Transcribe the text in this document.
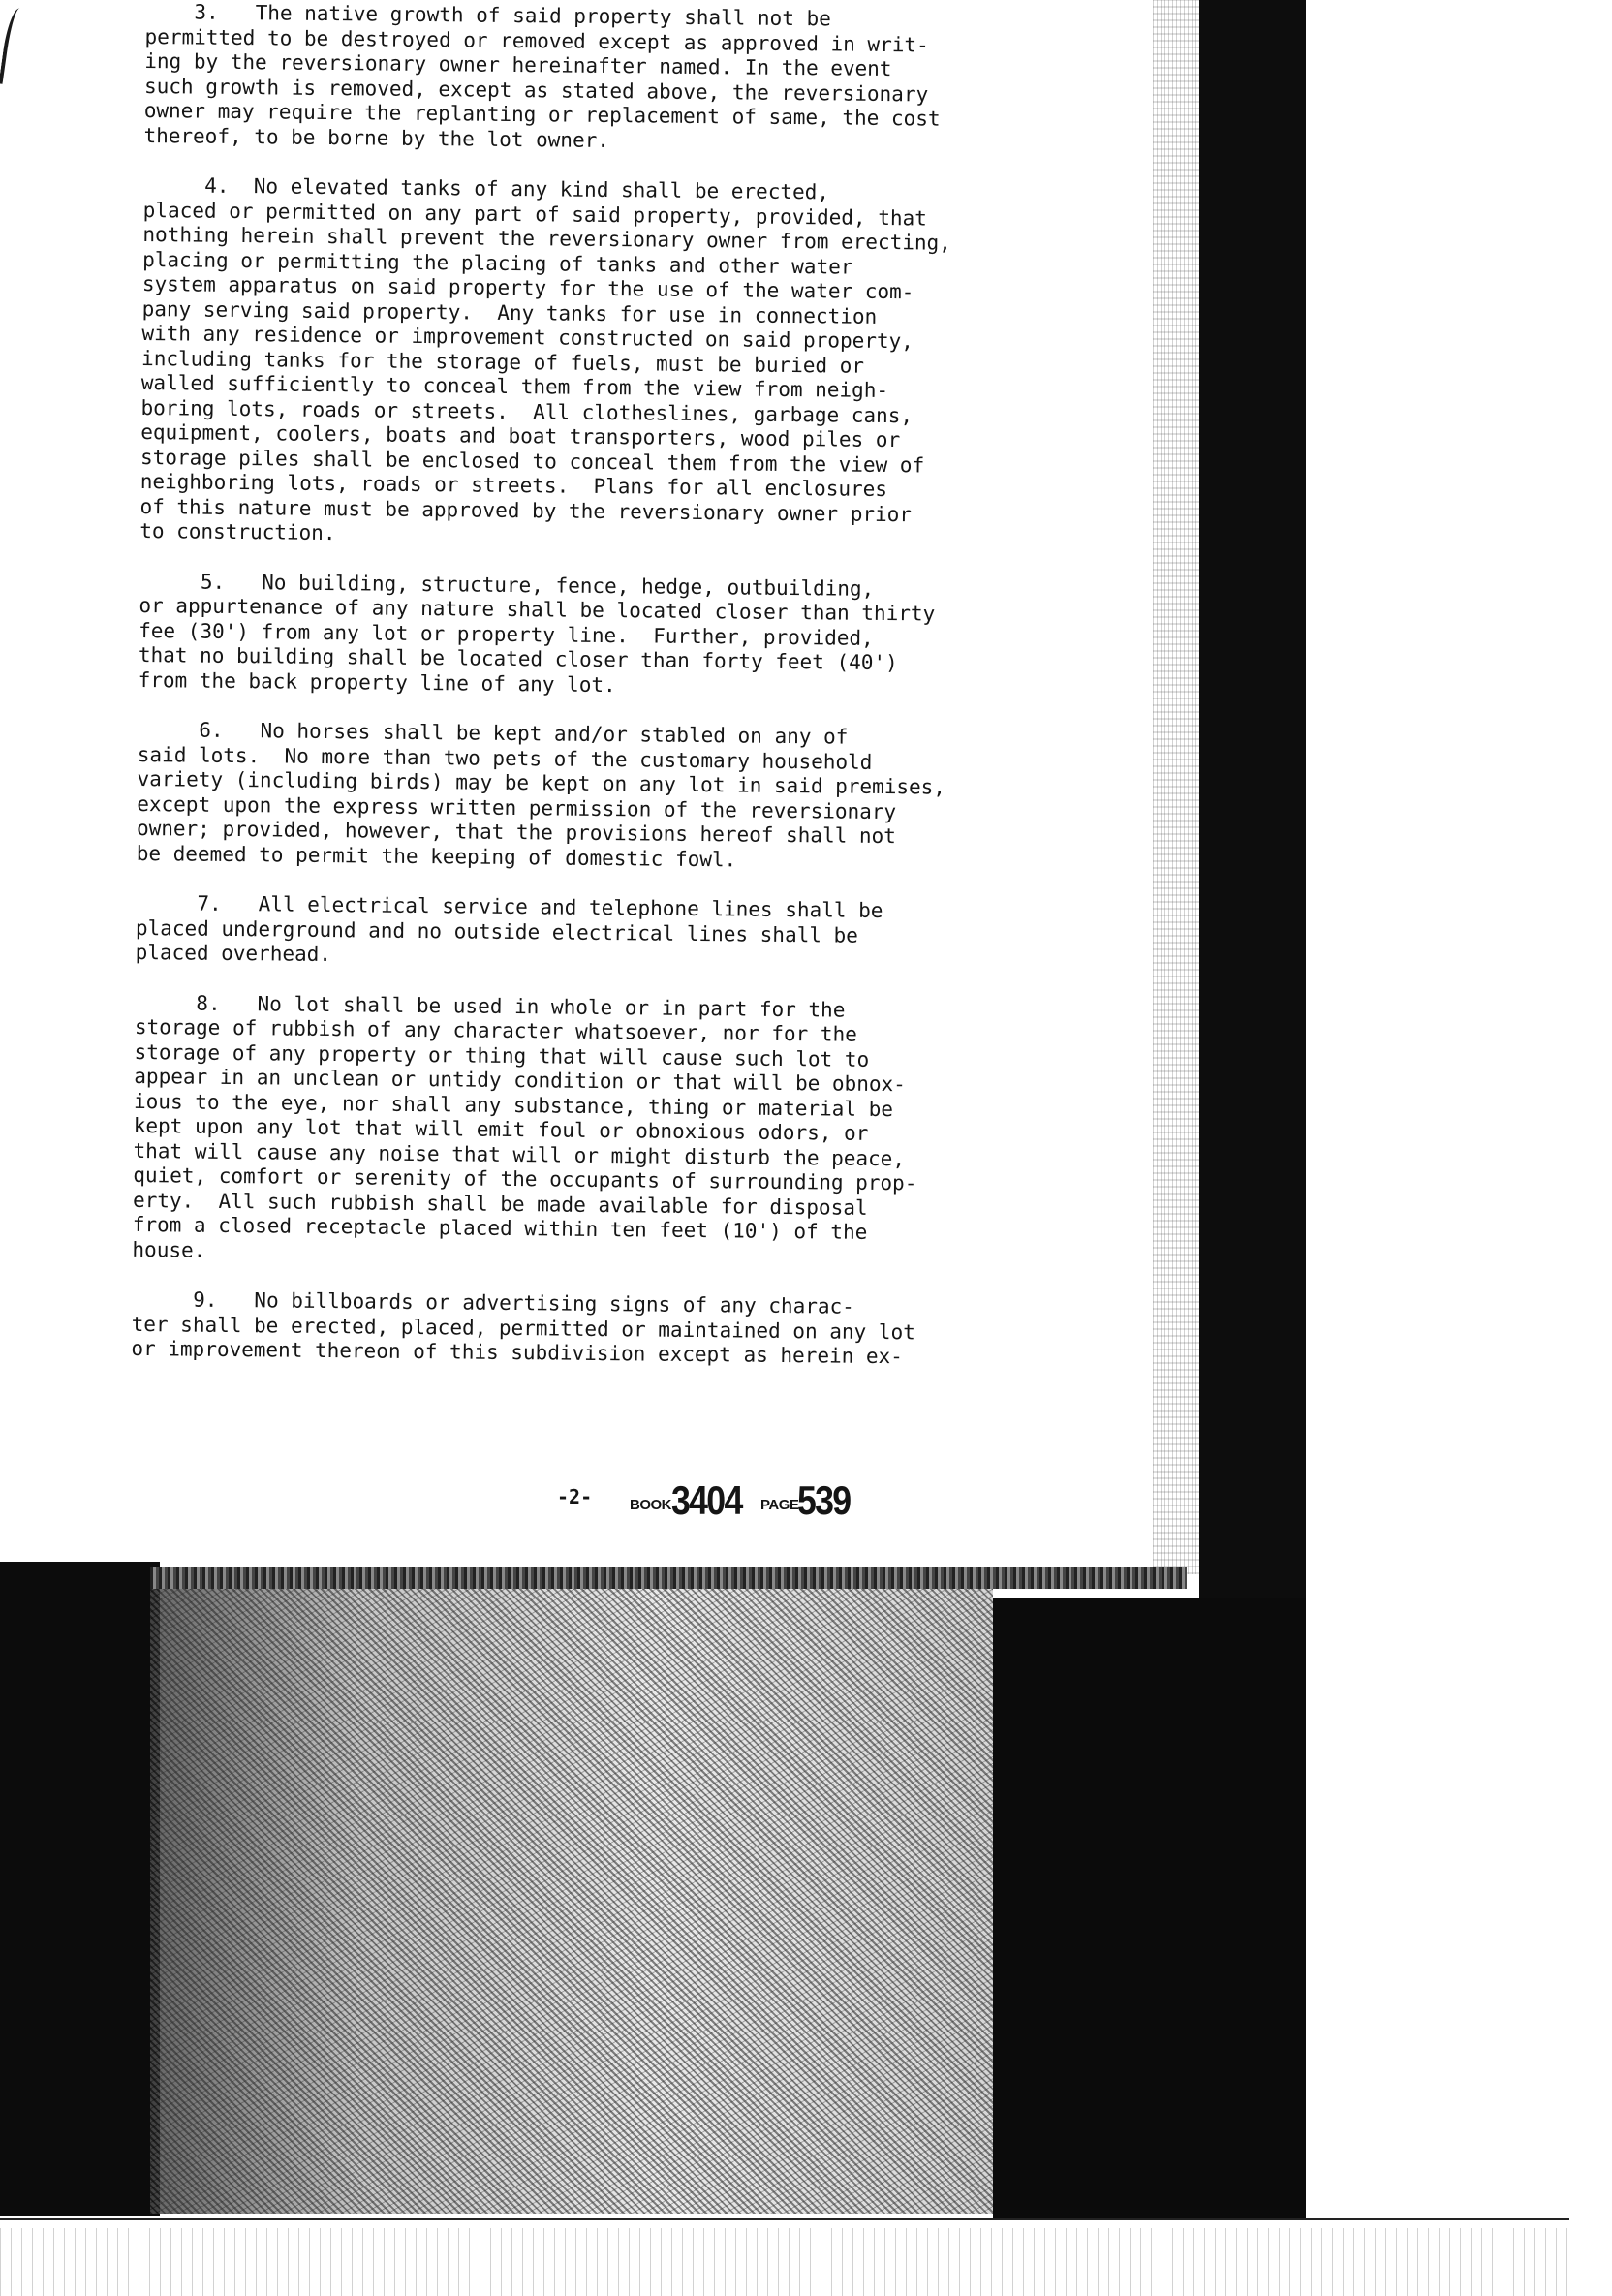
3.   The native growth of said property shall not be
permitted to be destroyed or removed except as approved in writ-
ing by the reversionary owner hereinafter named. In the event
such growth is removed, except as stated above, the reversionary
owner may require the replanting or replacement of same, the cost
thereof, to be borne by the lot owner.
4.  No elevated tanks of any kind shall be erected,
placed or permitted on any part of said property, provided, that
nothing herein shall prevent the reversionary owner from erecting,
placing or permitting the placing of tanks and other water
system apparatus on said property for the use of the water com-
pany serving said property.  Any tanks for use in connection
with any residence or improvement constructed on said property,
including tanks for the storage of fuels, must be buried or
walled sufficiently to conceal them from the view from neigh-
boring lots, roads or streets.  All clotheslines, garbage cans,
equipment, coolers, boats and boat transporters, wood piles or
storage piles shall be enclosed to conceal them from the view of
neighboring lots, roads or streets.  Plans for all enclosures
of this nature must be approved by the reversionary owner prior
to construction.
5.   No building, structure, fence, hedge, outbuilding,
or appurtenance of any nature shall be located closer than thirty
fee (30') from any lot or property line.  Further, provided,
that no building shall be located closer than forty feet (40')
from the back property line of any lot.
6.   No horses shall be kept and/or stabled on any of
said lots.  No more than two pets of the customary household
variety (including birds) may be kept on any lot in said premises,
except upon the express written permission of the reversionary
owner; provided, however, that the provisions hereof shall not
be deemed to permit the keeping of domestic fowl.
7.   All electrical service and telephone lines shall be
placed underground and no outside electrical lines shall be
placed overhead.
8.   No lot shall be used in whole or in part for the
storage of rubbish of any character whatsoever, nor for the
storage of any property or thing that will cause such lot to
appear in an unclean or untidy condition or that will be obnox-
ious to the eye, nor shall any substance, thing or material be
kept upon any lot that will emit foul or obnoxious odors, or
that will cause any noise that will or might disturb the peace,
quiet, comfort or serenity of the occupants of surrounding prop-
erty.  All such rubbish shall be made available for disposal
from a closed receptacle placed within ten feet (10') of the
house.
9.   No billboards or advertising signs of any charac-
ter shall be erected, placed, permitted or maintained on any lot
or improvement thereon of this subdivision except as herein ex-
-2-	BOOK 3404 PAGE
539
